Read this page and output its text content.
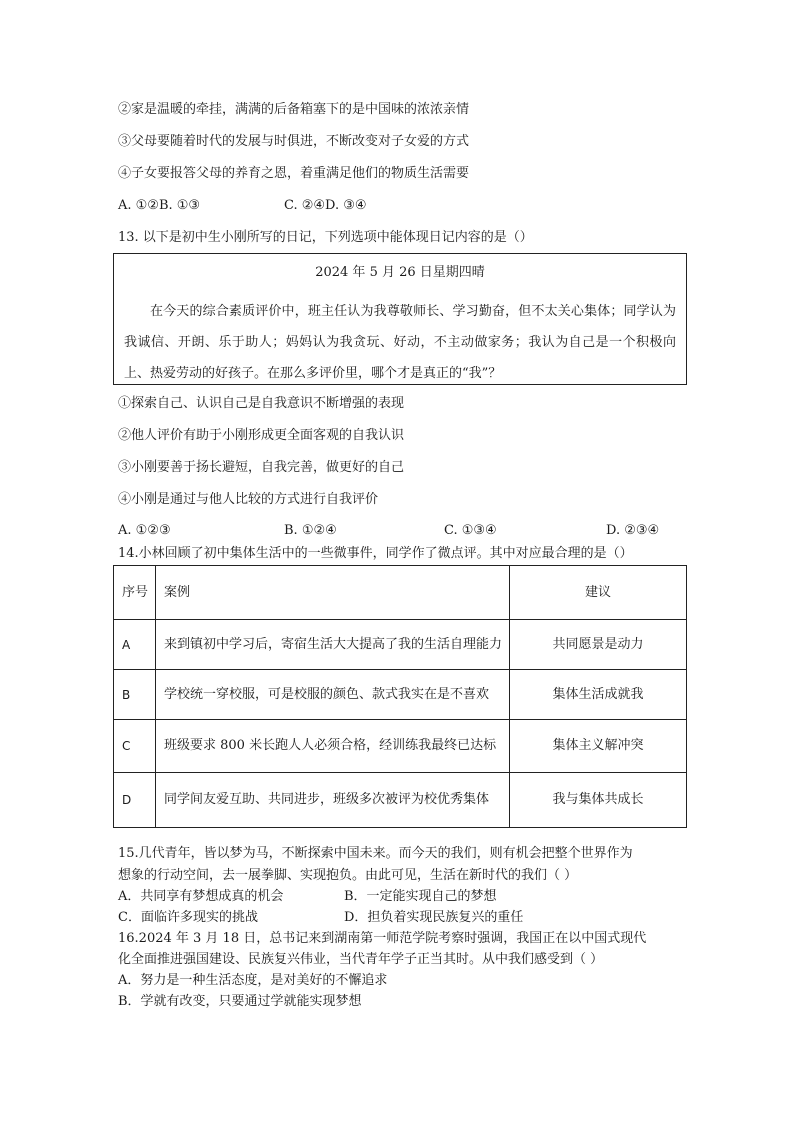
②家是温暖的牵挂，满满的后备箱塞下的是中国味的浓浓亲情
③父母要随着时代的发展与时俱进，不断改变对子女爱的方式
④子女要报答父母的养育之恩，着重满足他们的物质生活需要
A. ①②B. ①③	C. ②④D. ③④
13. 以下是初中生小刚所写的日记，下列选项中能体现日记内容的是（）
2024 年 5 月 26 日星期四晴
在今天的综合素质评价中，班主任认为我尊敬师长、学习勤奋，但不太关心集体；同学认为我诚信、开朗、乐于助人；妈妈认为我贪玩、好动，不主动做家务；我认为自己是一个积极向上、热爱劳动的好孩子。在那么多评价里，哪个才是真正的“我”？
①探索自己、认识自己是自我意识不断增强的表现
②他人评价有助于小刚形成更全面客观的自我认识
③小刚要善于扬长避短，自我完善，做更好的自己
④小刚是通过与他人比较的方式进行自我评价
A. ①②③	B. ①②④	C. ①③④	D. ②③④
14.小林回顾了初中集体生活中的一些微事件，同学作了微点评。其中对应最合理的是（）
序号	案例	建议
A	来到镇初中学习后，寄宿生活大大提高了我的生活自理能力	共同愿景是动力
B	学校统一穿校服，可是校服的颜色、款式我实在是不喜欢	集体生活成就我
C	班级要求 800 米长跑人人必须合格，经训练我最终已达标	集体主义解冲突
D	同学间友爱互助、共同进步，班级多次被评为校优秀集体	我与集体共成长
15.几代青年，皆以梦为马，不断探索中国未来。而今天的我们，则有机会把整个世界作为
想象的行动空间，去一展拳脚、实现抱负。由此可见，生活在新时代的我们（ ）
A．共同享有梦想成真的机会	B．一定能实现自己的梦想
C．面临许多现实的挑战	D．担负着实现民族复兴的重任
16.2024 年 3 月 18 日，总书记来到湖南第一师范学院考察时强调，我国正在以中国式现代
化全面推进强国建设、民族复兴伟业，当代青年学子正当其时。从中我们感受到（ ）
A．努力是一种生活态度，是对美好的不懈追求
B．学就有改变，只要通过学就能实现梦想
